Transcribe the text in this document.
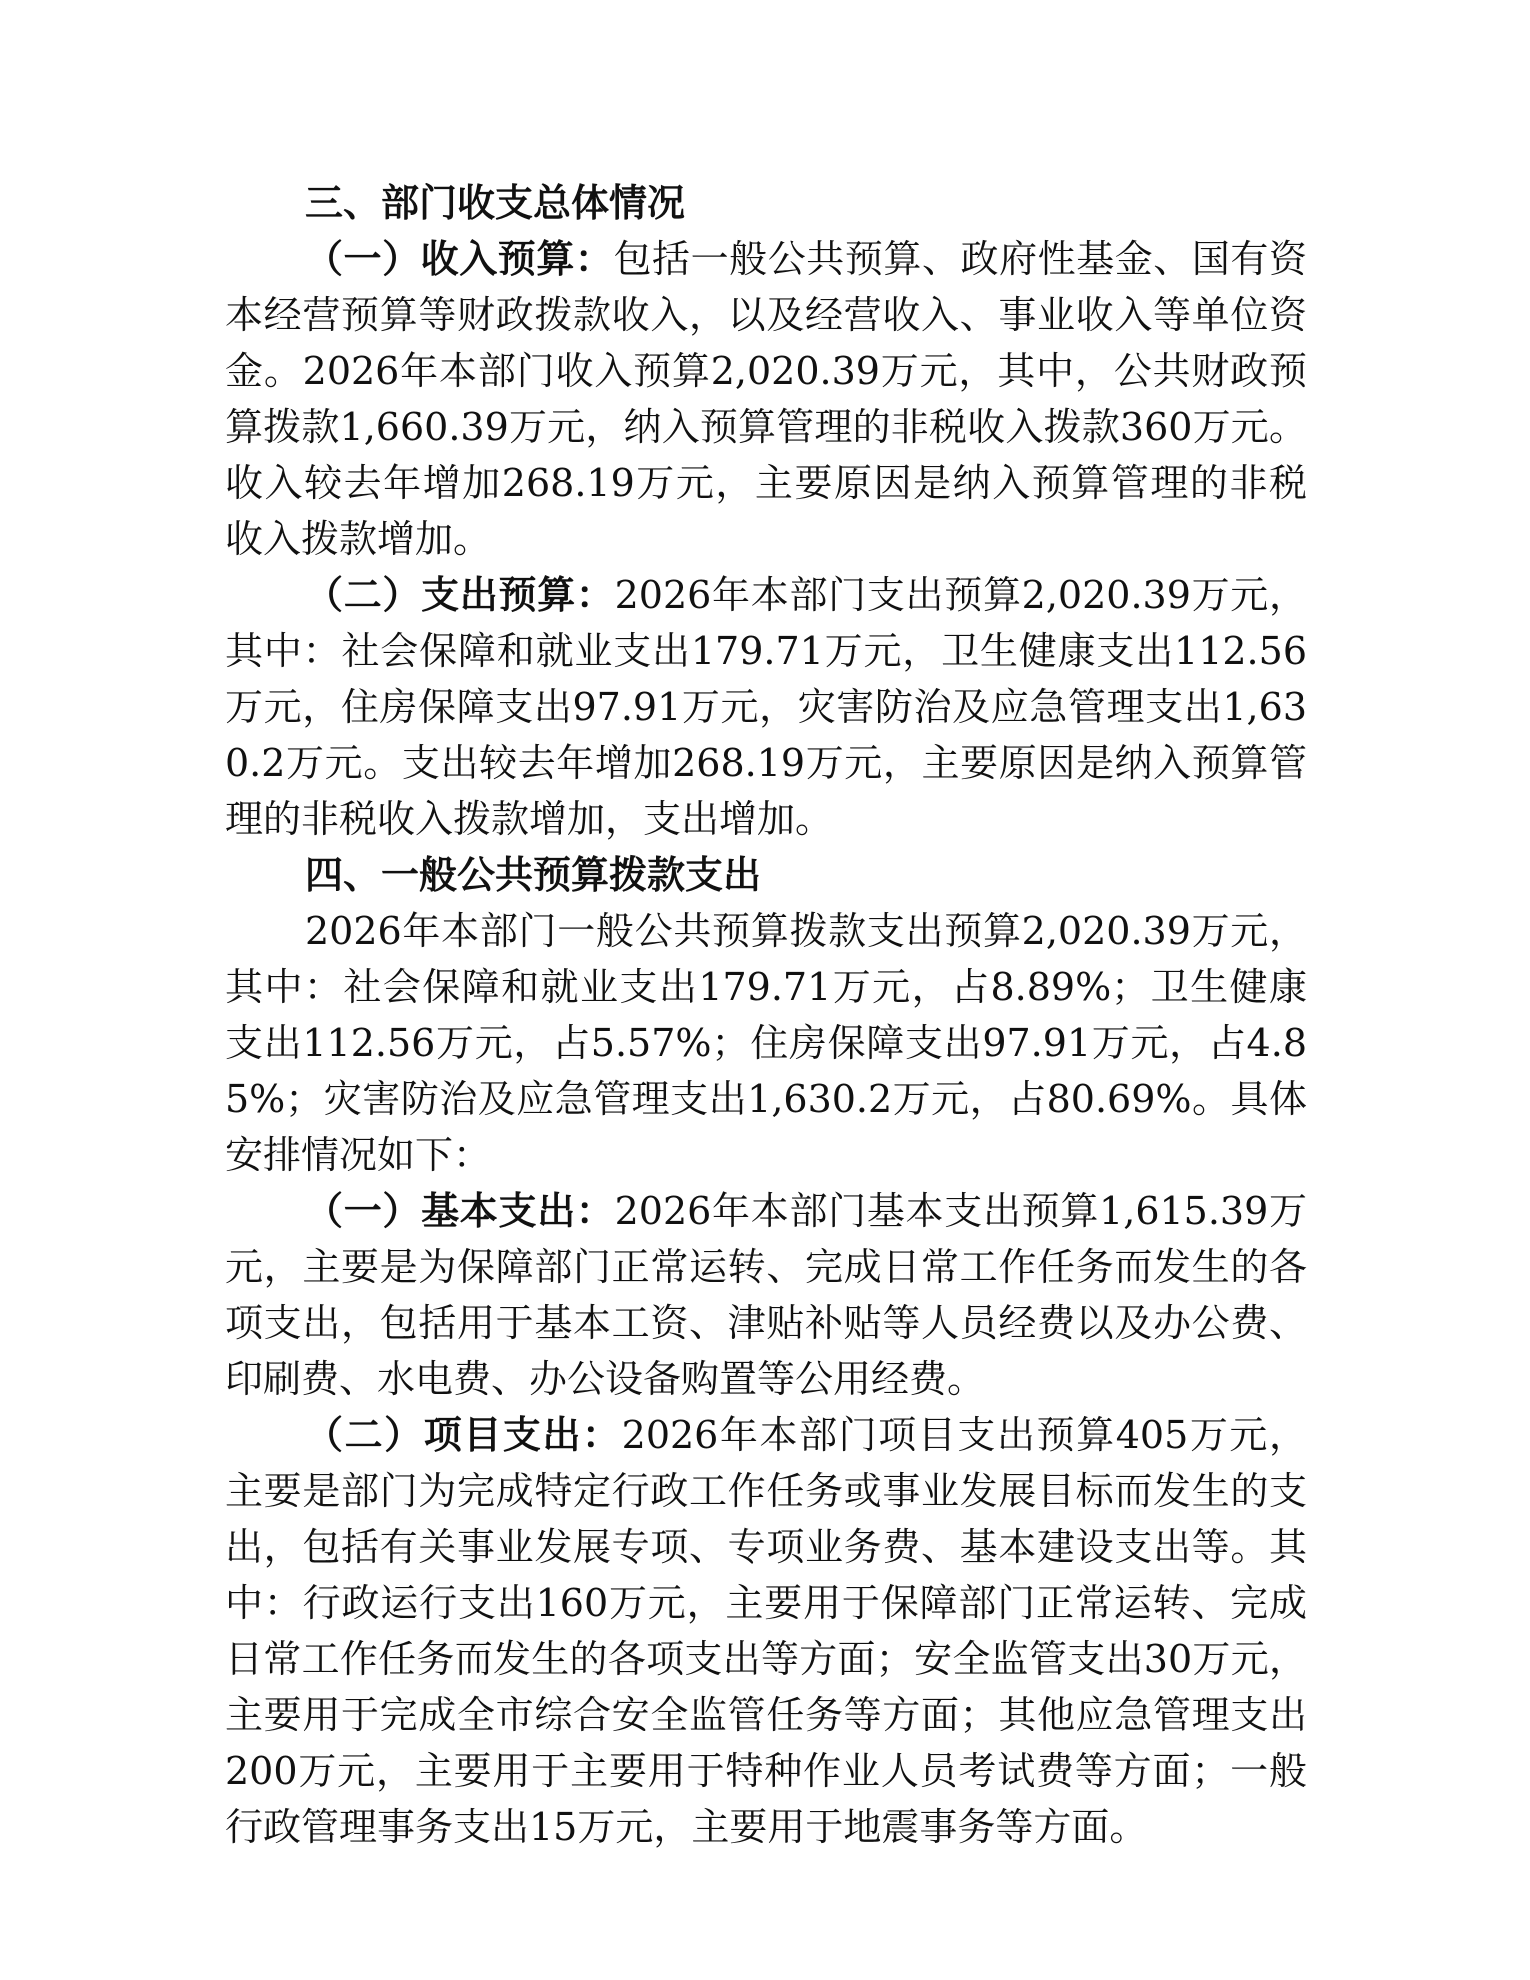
三、部门收支总体情况

（一）收入预算：包括一般公共预算、政府性基金、国有资本经营预算等财政拨款收入，以及经营收入、事业收入等单位资金。2026年本部门收入预算2,020.39万元，其中，公共财政预算拨款1,660.39万元，纳入预算管理的非税收入拨款360万元。收入较去年增加268.19万元，主要原因是纳入预算管理的非税收入拨款增加。

（二）支出预算：2026年本部门支出预算2,020.39万元，其中：社会保障和就业支出179.71万元，卫生健康支出112.56万元，住房保障支出97.91万元，灾害防治及应急管理支出1,630.2万元。支出较去年增加268.19万元，主要原因是纳入预算管理的非税收入拨款增加，支出增加。

四、一般公共预算拨款支出

2026年本部门一般公共预算拨款支出预算2,020.39万元，其中：社会保障和就业支出179.71万元，占8.89%；卫生健康支出112.56万元，占5.57%；住房保障支出97.91万元，占4.85%；灾害防治及应急管理支出1,630.2万元，占80.69%。具体安排情况如下：

（一）基本支出：2026年本部门基本支出预算1,615.39万元，主要是为保障部门正常运转、完成日常工作任务而发生的各项支出，包括用于基本工资、津贴补贴等人员经费以及办公费、印刷费、水电费、办公设备购置等公用经费。

（二）项目支出：2026年本部门项目支出预算405万元，主要是部门为完成特定行政工作任务或事业发展目标而发生的支出，包括有关事业发展专项、专项业务费、基本建设支出等。其中：行政运行支出160万元，主要用于保障部门正常运转、完成日常工作任务而发生的各项支出等方面；安全监管支出30万元，主要用于完成全市综合安全监管任务等方面；其他应急管理支出200万元，主要用于主要用于特种作业人员考试费等方面；一般行政管理事务支出15万元，主要用于地震事务等方面。
